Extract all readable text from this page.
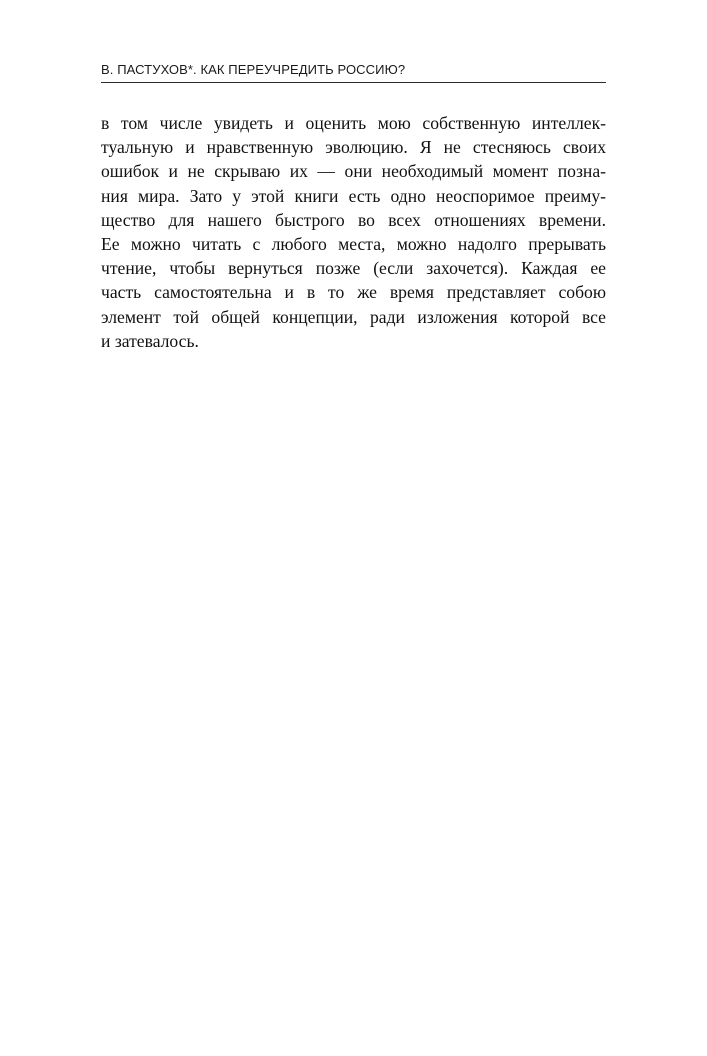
В. ПАСТУХОВ*. КАК ПЕРЕУЧРЕДИТЬ РОССИЮ?
в том числе увидеть и оценить мою собственную интеллек-
туальную и нравственную эволюцию. Я не стесняюсь своих
ошибок и не скрываю их — они необходимый момент позна-
ния мира. Зато у этой книги есть одно неоспоримое преиму-
щество для нашего быстрого во всех отношениях времени.
Ее можно читать с любого места, можно надолго прерывать
чтение, чтобы вернуться позже (если захочется). Каждая ее
часть самостоятельна и в то же время представляет собою
элемент той общей концепции, ради изложения которой все
и затевалось.
